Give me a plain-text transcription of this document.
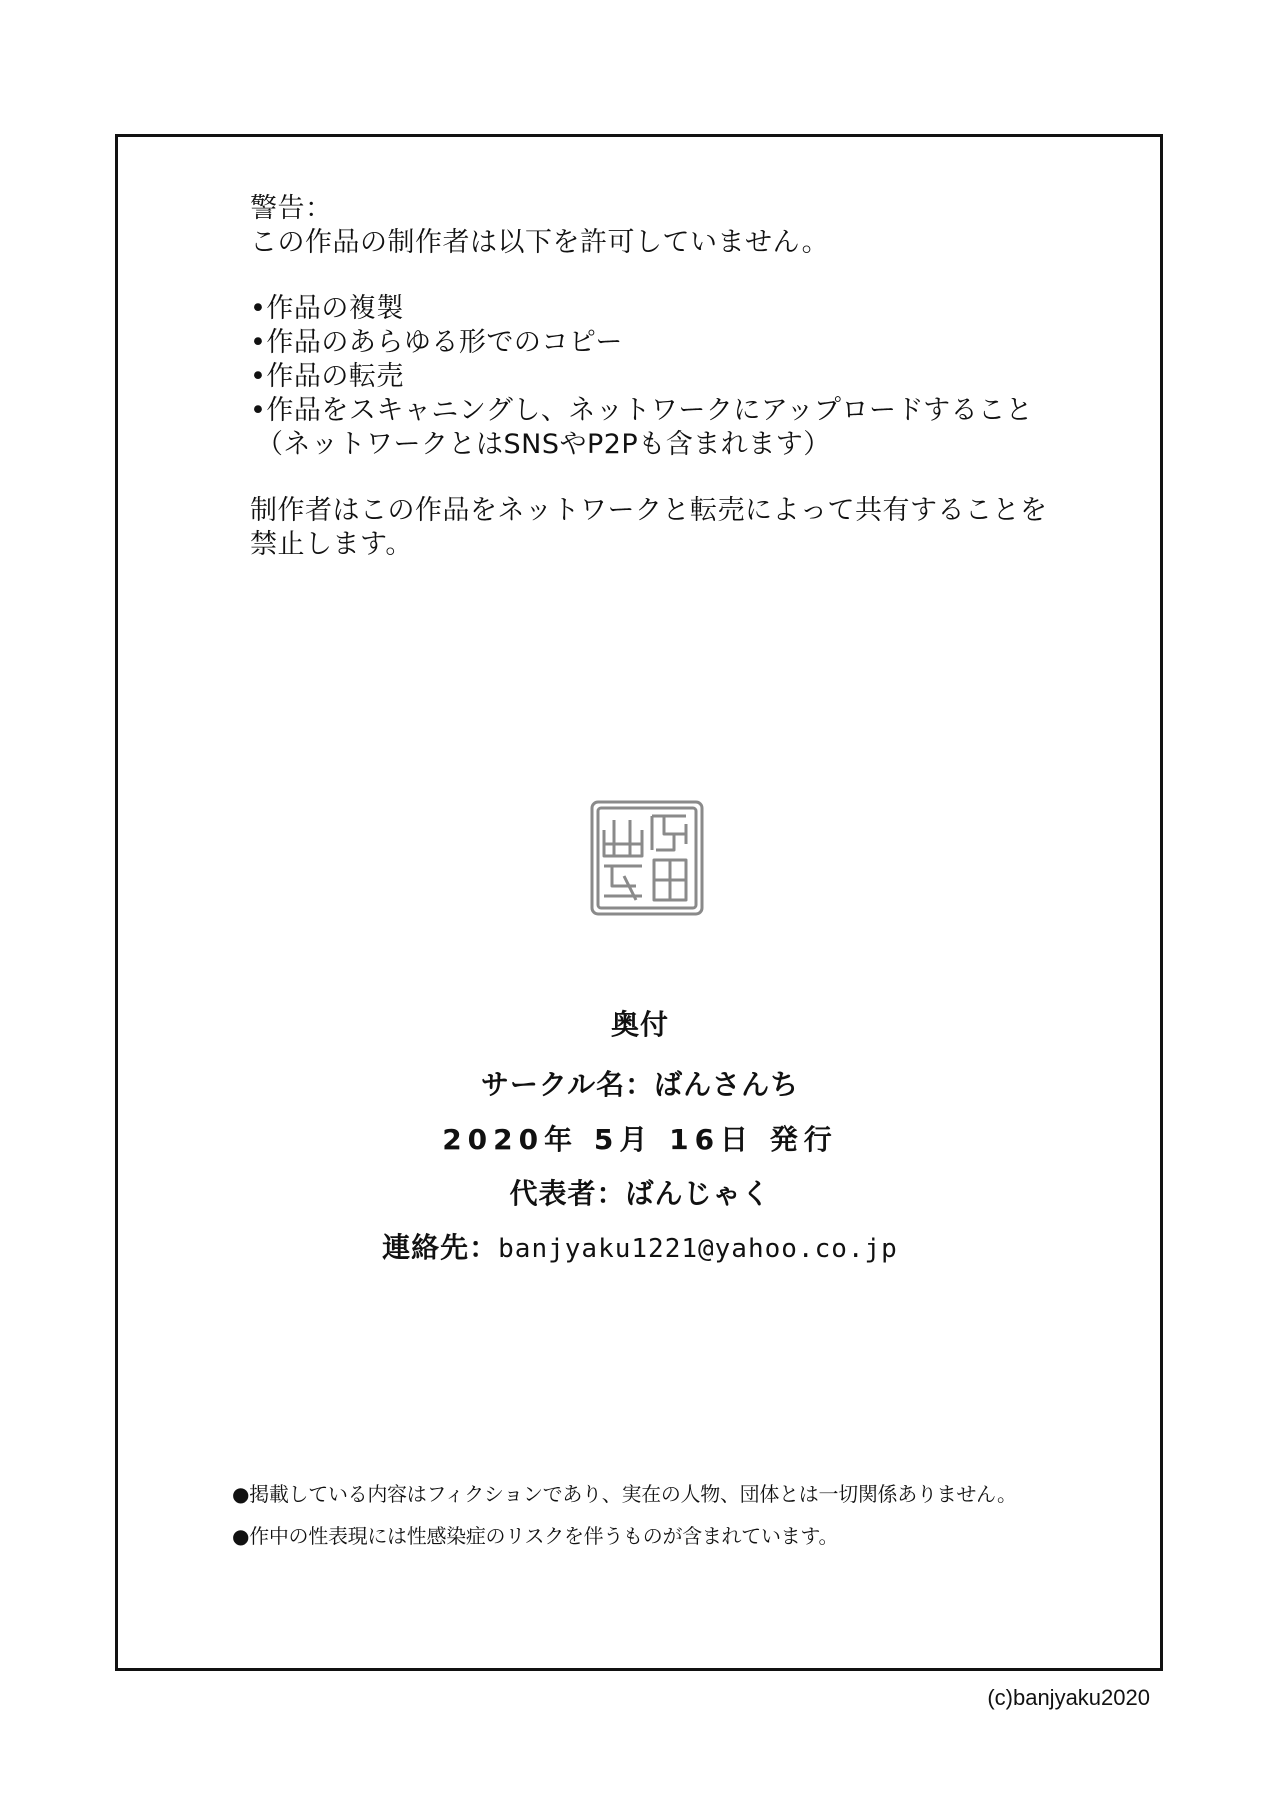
警告：
この作品の制作者は以下を許可していません。
•作品の複製
•作品のあらゆる形でのコピー
•作品の転売
•作品をスキャニングし、ネットワークにアップロードすること
（ネットワークとはSNSやP2Pも含まれます）
制作者はこの作品をネットワークと転売によって共有することを
禁止します。
奥付
サークル名：ばんさんち
2020年 5月 16日 発行
代表者：ばんじゃく
連絡先：banjyaku1221@yahoo.co.jp
●掲載している内容はフィクションであり、実在の人物、団体とは一切関係ありません。
●作中の性表現には性感染症のリスクを伴うものが含まれています。
(c)banjyaku2020
